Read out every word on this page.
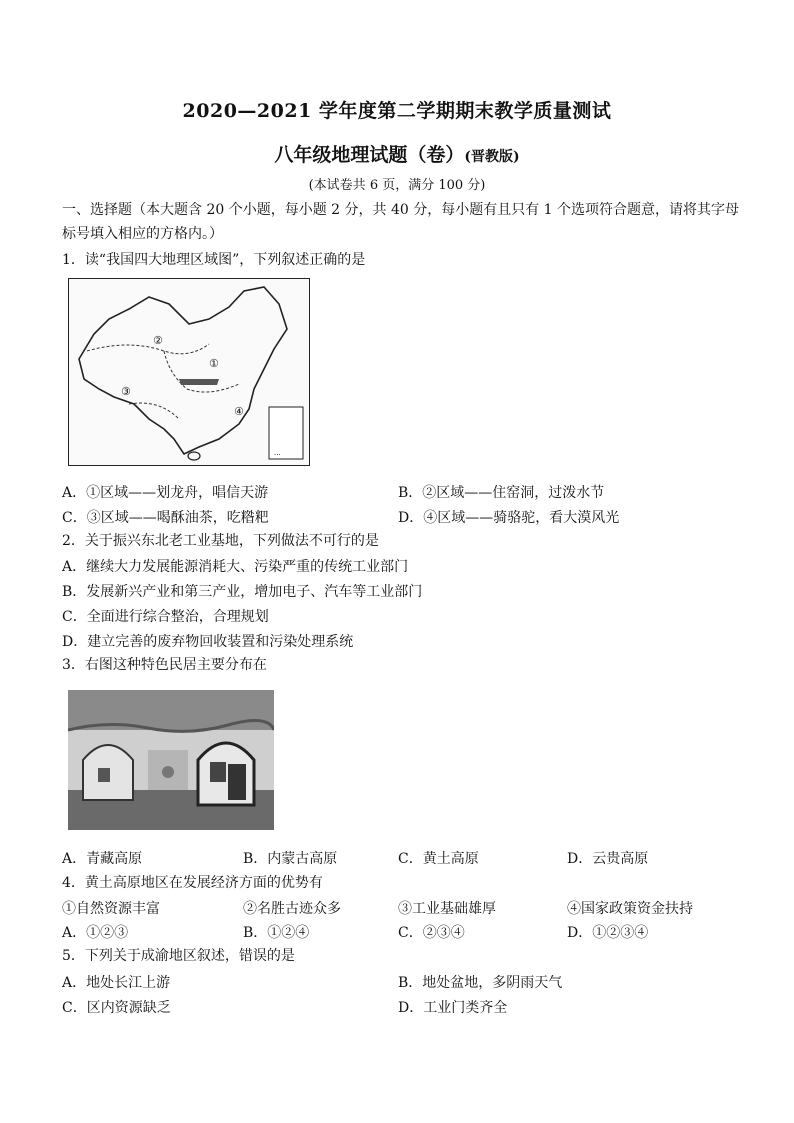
2020—2021 学年度第二学期期末教学质量测试
八年级地理试题（卷）(晋教版)
(本试卷共 6 页，满分 100 分)
一、选择题（本大题含 20 个小题，每小题 2 分，共 40 分，每小题有且只有 1 个选项符合题意，请将其字母标号填入相应的方格内。）
1．读“我国四大地理区域图”，下列叙述正确的是
...
②
③
④
①
A．①区域——划龙舟，唱信天游	B．②区域——住窑洞，过泼水节
C．③区域——喝酥油茶，吃糌粑	D．④区域——骑骆驼，看大漠风光
2．关于振兴东北老工业基地，下列做法不可行的是
A．继续大力发展能源消耗大、污染严重的传统工业部门
B．发展新兴产业和第三产业，增加电子、汽车等工业部门
C．全面进行综合整治，合理规划
D．建立完善的废弃物回收装置和污染处理系统
3．右图这种特色民居主要分布在
A．青藏高原	B．内蒙古高原	C．黄土高原	D．云贵高原
4．黄土高原地区在发展经济方面的优势有
①自然资源丰富	②名胜古迹众多	③工业基础雄厚	④国家政策资金扶持
A．①②③	B．①②④	C．②③④	D．①②③④
5．下列关于成渝地区叙述，错误的是
A．地处长江上游	B．地处盆地，多阴雨天气
C．区内资源缺乏	D．工业门类齐全
